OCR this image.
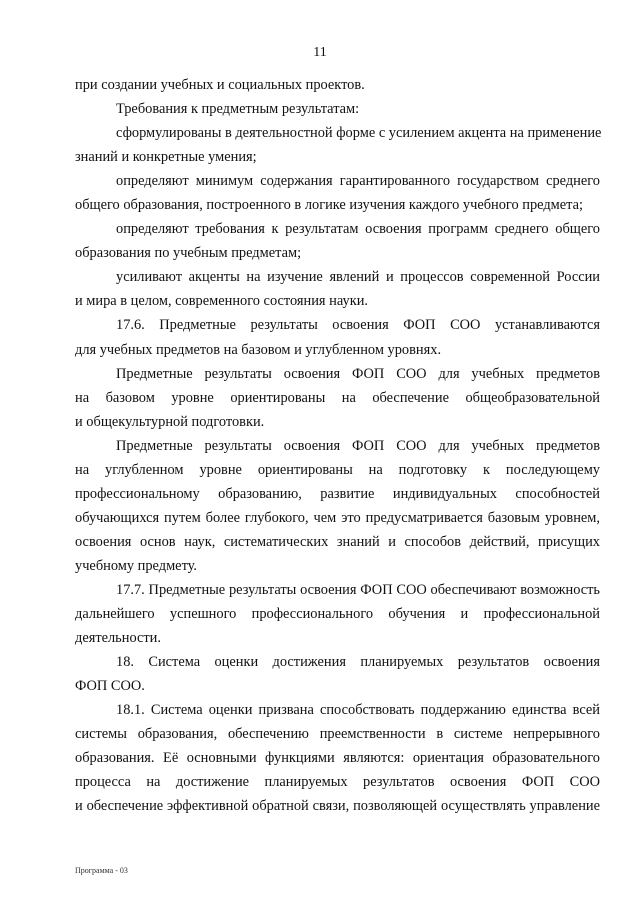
11
при создании учебных и социальных проектов.
Требования к предметным результатам:
сформулированы в деятельностной форме с усилением акцента на применение
знаний и конкретные умения;
определяют минимум содержания гарантированного государством среднего
общего образования, построенного в логике изучения каждого учебного предмета;
определяют требования к результатам освоения программ среднего общего
образования по учебным предметам;
усиливают акценты на изучение явлений и процессов современной России
и мира в целом, современного состояния науки.
17.6. Предметные результаты освоения ФОП СОО устанавливаются
для учебных предметов на базовом и углубленном уровнях.
Предметные результаты освоения ФОП СОО для учебных предметов
на базовом уровне ориентированы на обеспечение общеобразовательной
и общекультурной подготовки.
Предметные результаты освоения ФОП СОО для учебных предметов
на углубленном уровне ориентированы на подготовку к последующему
профессиональному образованию, развитие индивидуальных способностей
обучающихся путем более глубокого, чем это предусматривается базовым уровнем,
освоения основ наук, систематических знаний и способов действий, присущих
учебному предмету.
17.7. Предметные результаты освоения ФОП СОО обеспечивают возможность
дальнейшего успешного профессионального обучения и профессиональной
деятельности.
18. Система оценки достижения планируемых результатов освоения
ФОП СОО.
18.1. Система оценки призвана способствовать поддержанию единства всей
системы образования, обеспечению преемственности в системе непрерывного
образования. Её основными функциями являются: ориентация образовательного
процесса на достижение планируемых результатов освоения ФОП СОО
и обеспечение эффективной обратной связи, позволяющей осуществлять управление
Программа - 03
